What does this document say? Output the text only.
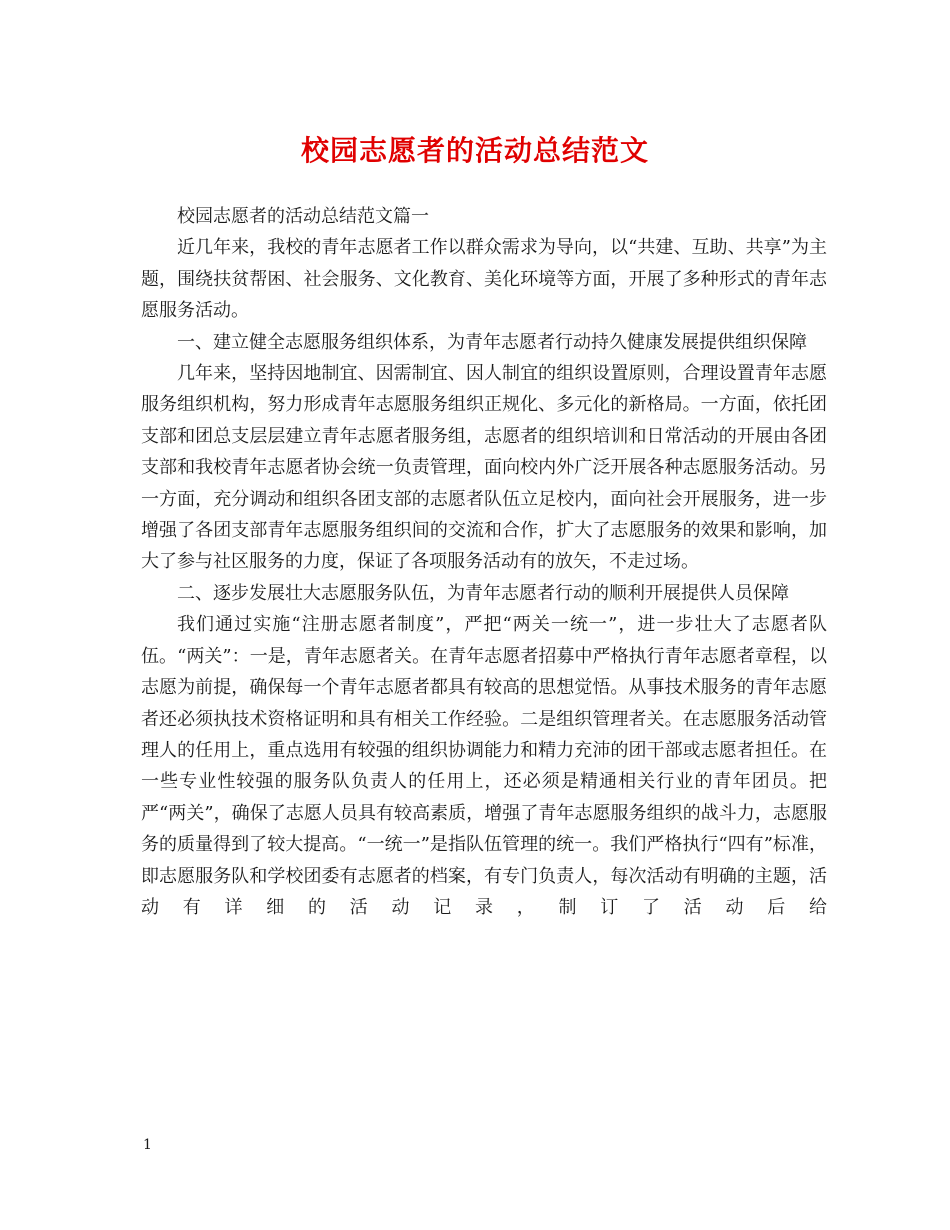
校园志愿者的活动总结范文

校园志愿者的活动总结范文篇一

近几年来，我校的青年志愿者工作以群众需求为导向，以“共建、互助、共享”为主题，围绕扶贫帮困、社会服务、文化教育、美化环境等方面，开展了多种形式的青年志愿服务活动。

一、建立健全志愿服务组织体系，为青年志愿者行动持久健康发展提供组织保障

几年来，坚持因地制宜、因需制宜、因人制宜的组织设置原则，合理设置青年志愿服务组织机构，努力形成青年志愿服务组织正规化、多元化的新格局。一方面，依托团支部和团总支层层建立青年志愿者服务组，志愿者的组织培训和日常活动的开展由各团支部和我校青年志愿者协会统一负责管理，面向校内外广泛开展各种志愿服务活动。另一方面，充分调动和组织各团支部的志愿者队伍立足校内，面向社会开展服务，进一步增强了各团支部青年志愿服务组织间的交流和合作，扩大了志愿服务的效果和影响，加大了参与社区服务的力度，保证了各项服务活动有的放矢，不走过场。

二、逐步发展壮大志愿服务队伍，为青年志愿者行动的顺利开展提供人员保障

我们通过实施“注册志愿者制度”，严把“两关一统一”，进一步壮大了志愿者队伍。“两关”：一是，青年志愿者关。在青年志愿者招募中严格执行青年志愿者章程，以志愿为前提，确保每一个青年志愿者都具有较高的思想觉悟。从事技术服务的青年志愿者还必须执技术资格证明和具有相关工作经验。二是组织管理者关。在志愿服务活动管理人的任用上，重点选用有较强的组织协调能力和精力充沛的团干部或志愿者担任。在一些专业性较强的服务队负责人的任用上，还必须是精通相关行业的青年团员。把严“两关”，确保了志愿人员具有较高素质，增强了青年志愿服务组织的战斗力，志愿服务的质量得到了较大提高。“一统一”是指队伍管理的统一。我们严格执行“四有”标准，即志愿服务队和学校团委有志愿者的档案，有专门负责人，每次活动有明确的主题，活动有详细的活动记录，制订了活动后给

1
